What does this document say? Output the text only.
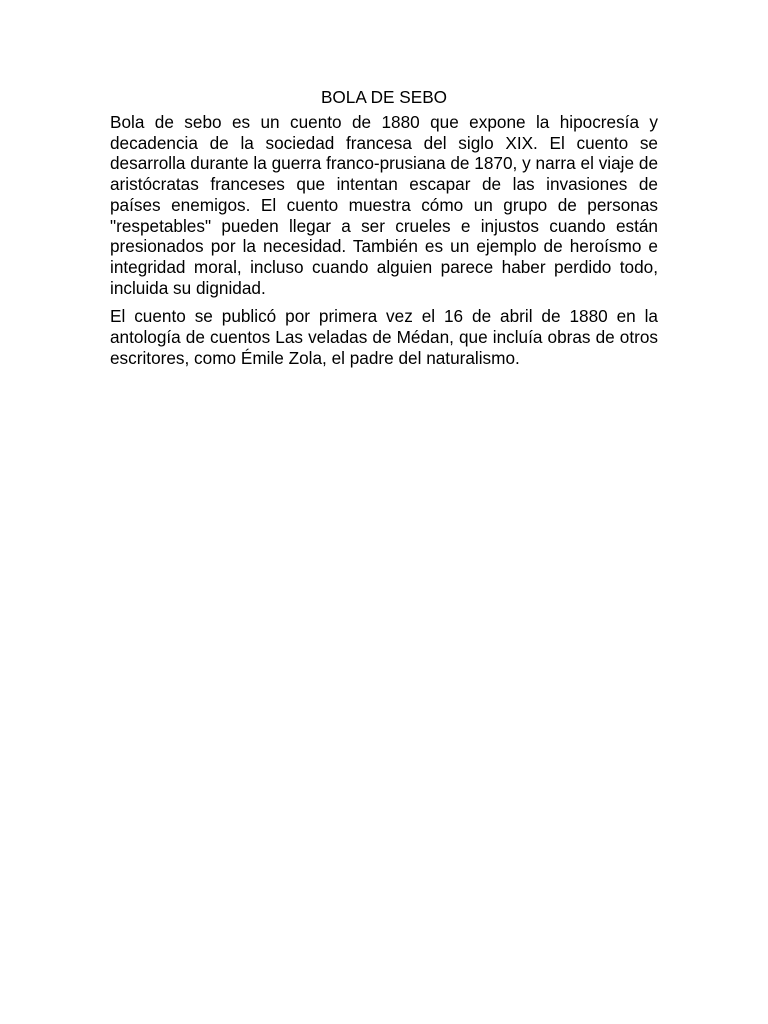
BOLA DE SEBO

Bola de sebo es un cuento de 1880 que expone la hipocresía y decadencia de la sociedad francesa del siglo XIX. El cuento se desarrolla durante la guerra franco-prusiana de 1870, y narra el viaje de aristócratas franceses que intentan escapar de las invasiones de países enemigos. El cuento muestra cómo un grupo de personas "respetables" pueden llegar a ser crueles e injustos cuando están presionados por la necesidad. También es un ejemplo de heroísmo e integridad moral, incluso cuando alguien parece haber perdido todo, incluida su dignidad.

El cuento se publicó por primera vez el 16 de abril de 1880 en la antología de cuentos Las veladas de Médan, que incluía obras de otros escritores, como Émile Zola, el padre del naturalismo.
